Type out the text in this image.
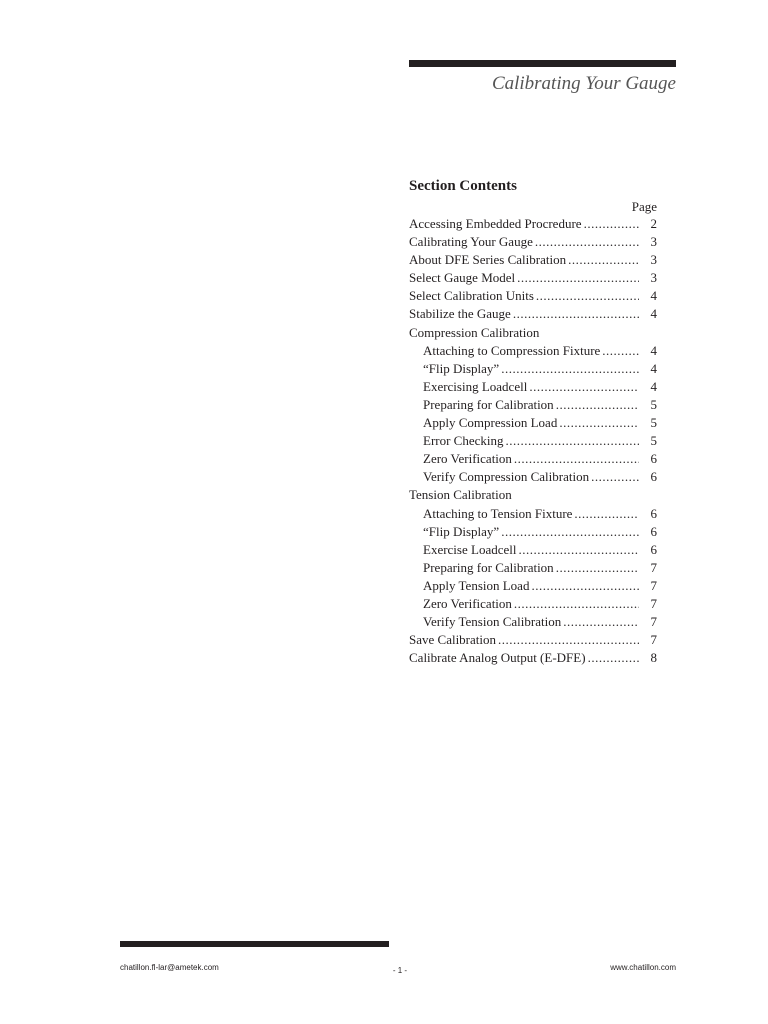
Calibrating Your Gauge
Section Contents
Page
Accessing Embedded Procredure .....	2
Calibrating Your Gauge .....	3
About DFE Series Calibration .....	3
Select Gauge Model .....	3
Select Calibration Units .....	4
Stabilize the Gauge .....	4
Compression Calibration
Attaching to Compression Fixture .....	4
“Flip Display” .....	4
Exercising Loadcell .....	4
Preparing for Calibration .....	5
Apply Compression Load .....	5
Error Checking .....	5
Zero Verification .....	6
Verify Compression Calibration .....	6
Tension Calibration
Attaching to Tension Fixture .....	6
“Flip Display” .....	6
Exercise Loadcell .....	6
Preparing for Calibration .....	7
Apply Tension Load .....	7
Zero Verification .....	7
Verify Tension Calibration .....	7
Save Calibration .....	7
Calibrate Analog Output (E-DFE) .....	8
chatillon.fl-lar@ametek.com	- 1 -	www.chatillon.com
